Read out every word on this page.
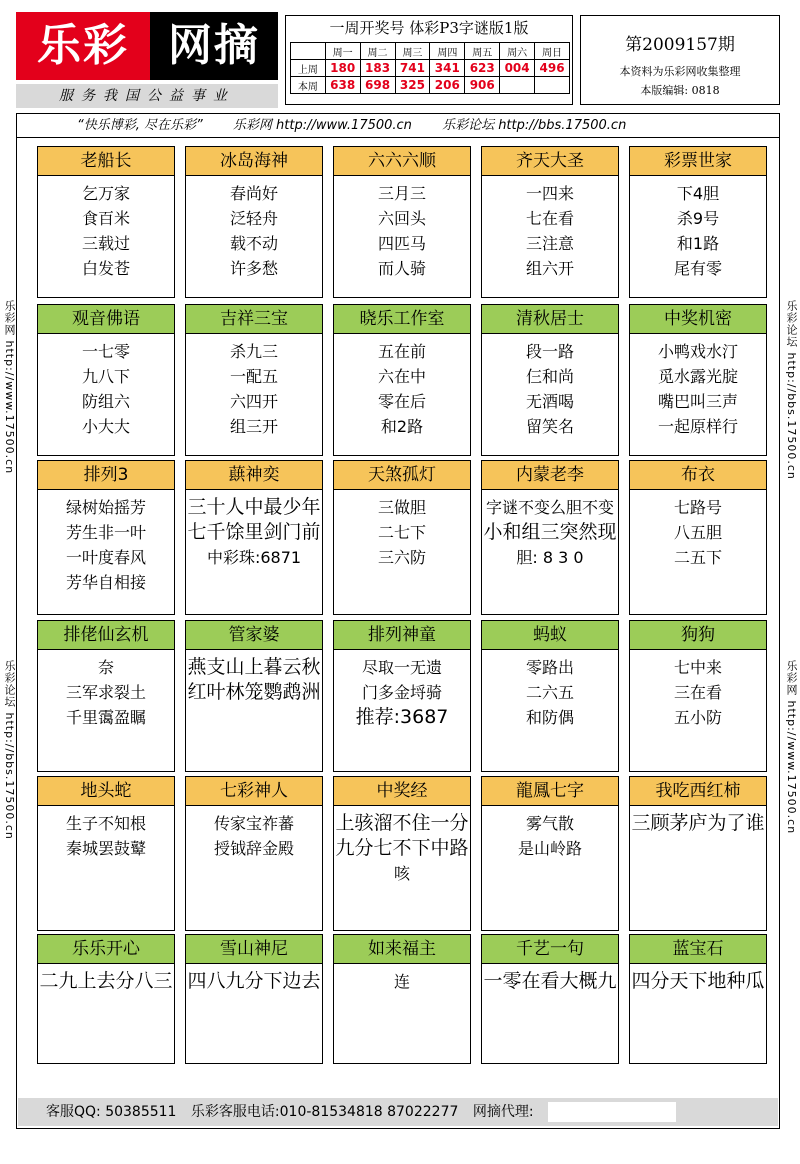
乐彩 网摘
服务我国公益事业
一周开奖号 体彩P3字谜版1版
	周一	周二	周三	周四	周五	周六	周日
上周	180	183	741	341	623	004	496
本周	638	698	325	206	906		
第2009157期
本资料为乐彩网收集整理
本版编辑: 0818
乐彩网 http://www.17500.cn
乐彩论坛 http://bbs.17500.cn
乐彩论坛 http://bbs.17500.cn
乐彩网 http://www.17500.cn
“快乐博彩, 尽在乐彩” 乐彩网 http://www.17500.cn 乐彩论坛 http://bbs.17500.cn
老船长
乞万家
食百米
三载过
白发苍
冰岛海神
春尚好
泛轻舟
载不动
许多愁
六六六顺
三月三
六回头
四匹马
而人骑
齐天大圣
一四来
七在看
三注意
组六开
彩票世家
下4胆
杀9号
和1路
尾有零
观音佛语
一七零
九八下
防组六
小大大
吉祥三宝
杀九三
一配五
六四开
组三开
晓乐工作室
五在前
六在中
零在后
和2路
清秋居士
段一路
仨和尚
无酒喝
留笑名
中奖机密
小鸭戏水汀
觅水露光腚
嘴巴叫三声
一起原样行
排列3
绿树始摇芳
芳生非一叶
一叶度春风
芳华自相接
蕻神奕
三十人中最少年
七千馀里剑门前
中彩珠:6871
天煞孤灯
三做胆
二七下
三六防
内蒙老李
字谜不变么胆不变
小和组三突然现
胆: 8 3 0
布衣
七路号
八五胆
二五下
排佬仙玄机
奈
三军求裂土
千里霭盈瞩
管家婆
燕支山上暮云秋
红叶林笼鹦鹉洲
排列神童
尽取一无遗
门多金埒骑
推荐:3687
蚂蚁
零路出
二六五
和防偶
狗狗
七中来
三在看
五小防
地头蛇
生子不知根
秦城罢鼓鼙
七彩神人
传家宝祚蕃
授钺辞金殿
中奖经
上骇溜不住一分
九分七不下中路
咳
龍鳳七字
雾气散
是山岭路
我吃西红柿
三顾茅庐为了谁
乐乐开心
二九上去分八三
雪山神尼
四八九分下边去
如来福主
连
千艺一句
一零在看大概九
蓝宝石
四分天下地种瓜
客服QQ: 50385511 乐彩客服电话:010-81534818 87022277 网摘代理:
